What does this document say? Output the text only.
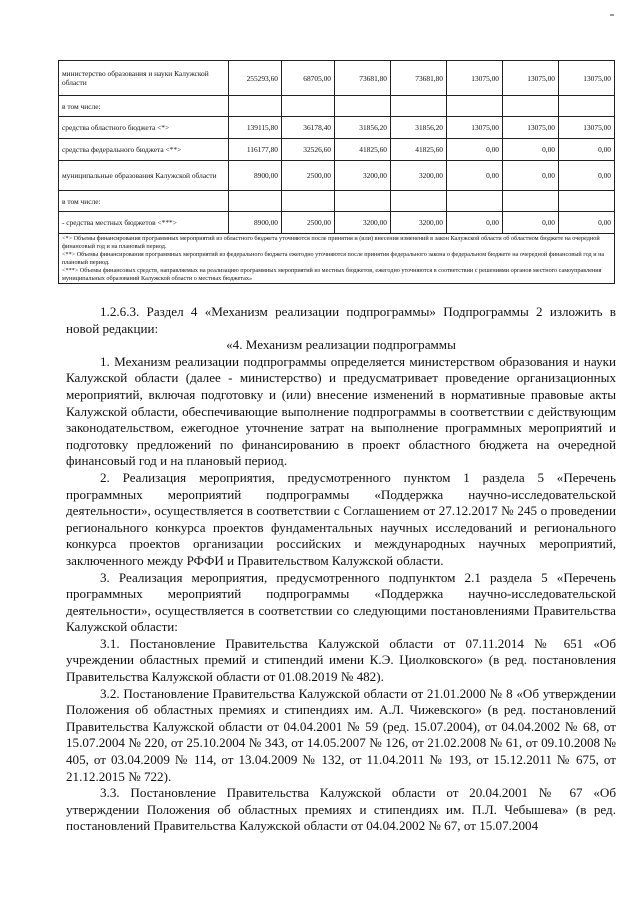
министерство образования и науки Калужской области	255293,60	68705,00	73681,80	73681,80	13075,00	13075,00	13075,00
в том числе:							
средства областного бюджета <*>	139115,80	36178,40	31856,20	31856,20	13075,00	13075,00	13075,00
средства федерального бюджета <**>	116177,80	32526,60	41825,60	41825,60	0,00	0,00	0,00
муниципальные образования Калужской области	8900,00	2500,00	3200,00	3200,00	0,00	0,00	0,00
в том числе:							
- средства местных бюджетов <***>	8900,00	2500,00	3200,00	3200,00	0,00	0,00	0,00

<*> Объемы финансирования программных мероприятий из областного бюджета уточняются после принятия и (или) внесения изменений в закон Калужской области об областном бюджете на очередной финансовый год и на плановый период.

<**> Объемы финансирования программных мероприятий из федерального бюджета ежегодно уточняются после принятия федерального закона о федеральном бюджете на очередной финансовый год и на плановый период.

<***> Объемы финансовых средств, направляемых на реализацию программных мероприятий из местных бюджетов, ежегодно уточняются в соответствии с решениями органов местного самоуправления муниципальных образований Калужской области о местных бюджетах»							

1.2.6.3. Раздел 4 «Механизм реализации подпрограммы» Подпрограммы 2 изложить в новой редакции:

«4. Механизм реализации подпрограммы

1. Механизм реализации подпрограммы определяется министерством образования и науки Калужской области (далее - министерство) и предусматривает проведение организационных мероприятий, включая подготовку и (или) внесение изменений в нормативные правовые акты Калужской области, обеспечивающие выполнение подпрограммы в соответствии с действующим законодательством, ежегодное уточнение затрат на выполнение программных мероприятий и подготовку предложений по финансированию в проект областного бюджета на очередной финансовый год и на плановый период.

2. Реализация мероприятия, предусмотренного пунктом 1 раздела 5 «Перечень программных мероприятий подпрограммы «Поддержка научно-исследовательской деятельности», осуществляется в соответствии с Соглашением от 27.12.2017 № 245 о проведении регионального конкурса проектов фундаментальных научных исследований и регионального конкурса проектов организации российских и международных научных мероприятий, заключенного между РФФИ и Правительством Калужской области.

3. Реализация мероприятия, предусмотренного подпунктом 2.1 раздела 5 «Перечень программных мероприятий подпрограммы «Поддержка научно-исследовательской деятельности», осуществляется в соответствии со следующими постановлениями Правительства Калужской области:

3.1. Постановление Правительства Калужской области от 07.11.2014 № 651 «Об учреждении областных премий и стипендий имени К.Э. Циолковского» (в ред. постановления Правительства Калужской области от 01.08.2019 № 482).

3.2. Постановление Правительства Калужской области от 21.01.2000 № 8 «Об утверждении Положения об областных премиях и стипендиях им. А.Л. Чижевского» (в ред. постановлений Правительства Калужской области от 04.04.2001 № 59 (ред. 15.07.2004), от 04.04.2002 № 68, от 15.07.2004 № 220, от 25.10.2004 № 343, от 14.05.2007 № 126, от 21.02.2008 № 61, от 09.10.2008 № 405, от 03.04.2009 № 114, от 13.04.2009 № 132, от 11.04.2011 № 193, от 15.12.2011 № 675, от 21.12.2015 № 722).

3.3. Постановление Правительства Калужской области от 20.04.2001 № 67 «Об утверждении Положения об областных премиях и стипендиях им. П.Л. Чебышева» (в ред. постановлений Правительства Калужской области от 04.04.2002 № 67, от 15.07.2004
